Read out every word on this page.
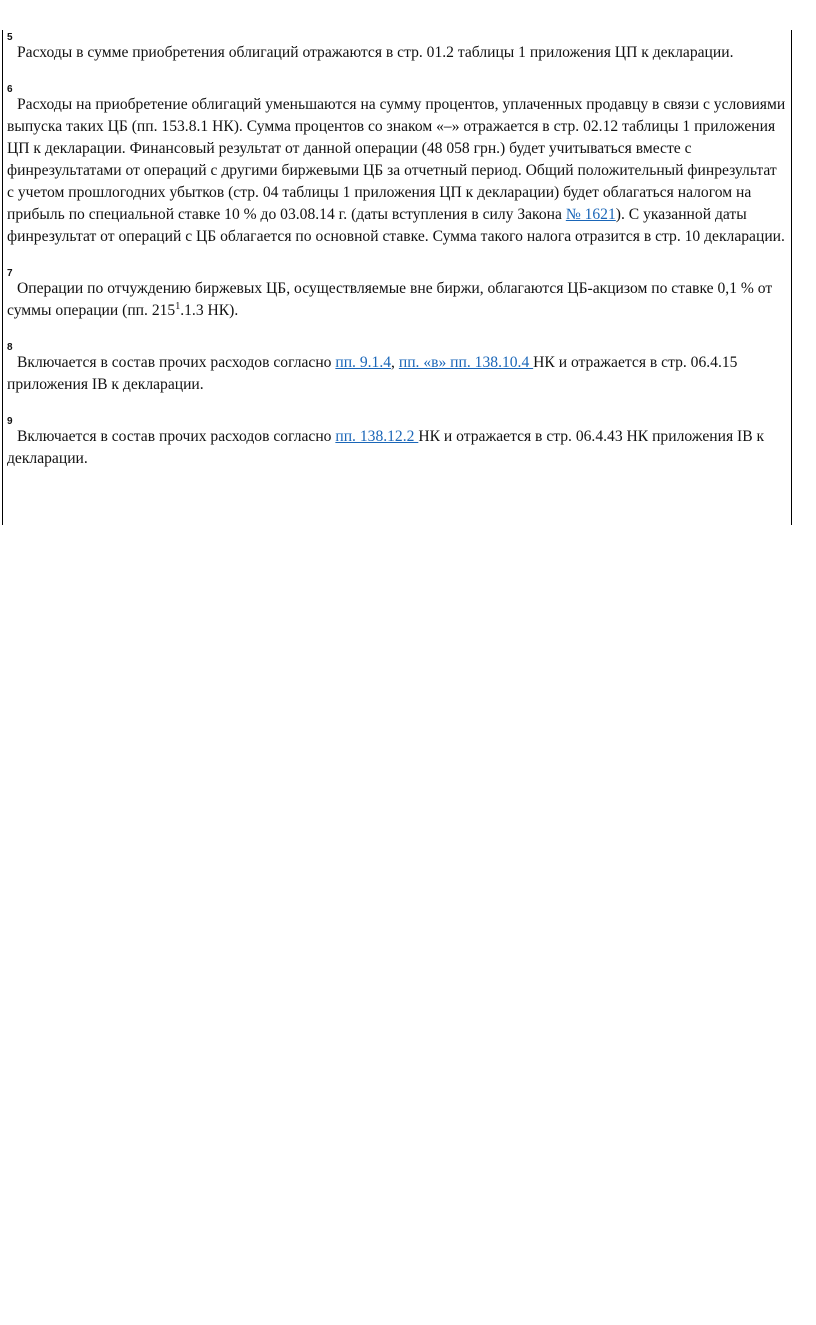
5
Расходы в сумме приобретения облигаций отражаются в стр. 01.2 таблицы 1 приложения ЦП к декларации.
6
Расходы на приобретение облигаций уменьшаются на сумму процентов, уплаченных продавцу в связи с условиями выпуска таких ЦБ (пп. 153.8.1 НК). Сумма процентов со знаком «–» отражается в стр. 02.12 таблицы 1 приложения ЦП к декларации. Финансовый результат от данной операции (48 058 грн.) будет учитываться вместе с финрезультатами от операций с другими биржевыми ЦБ за отчетный период. Общий положительный финрезультат с учетом прошлогодних убытков (стр. 04 таблицы 1 приложения ЦП к декларации) будет облагаться налогом на прибыль по специальной ставке 10 % до 03.08.14 г. (даты вступления в силу Закона № 1621). С указанной даты финрезультат от операций с ЦБ облагается по основной ставке. Сумма такого налога отразится в стр. 10 декларации.
7
Операции по отчуждению биржевых ЦБ, осуществляемые вне биржи, облагаются ЦБ-акцизом по ставке 0,1 % от суммы операции (пп. $215^1.1.3$ НК).
8
Включается в состав прочих расходов согласно пп. 9.1.4, пп. «в» пп. 138.10.4 НК и отражается в стр. 06.4.15 приложения IВ к декларации.
9
Включается в состав прочих расходов согласно пп. 138.12.2 НК и отражается в стр. 06.4.43 НК приложения IВ к декларации.
